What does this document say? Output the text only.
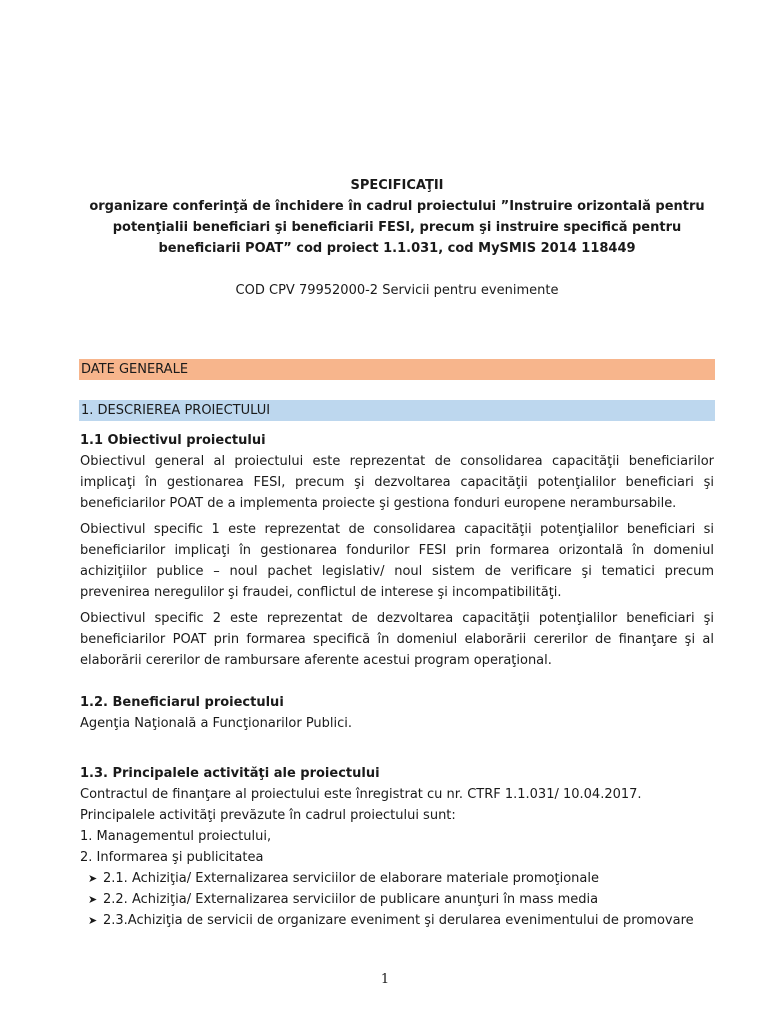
SPECIFICAŢII
organizare conferinţă de închidere în cadrul proiectului ”Instruire orizontală pentru
potenţialii beneficiari şi beneficiarii FESI, precum şi instruire specifică pentru
beneficiarii POAT” cod proiect 1.1.031, cod MySMIS 2014 118449
COD CPV 79952000-2 Servicii pentru evenimente
DATE GENERALE
1. DESCRIEREA PROIECTULUI

1.1 Obiectivul proiectului

Obiectivul general al proiectului este reprezentat de consolidarea capacităţii beneficiarilor implicaţi în gestionarea FESI, precum şi dezvoltarea capacităţii potenţialilor beneficiari şi beneficiarilor POAT de a implementa proiecte şi gestiona fonduri europene nerambursabile.

Obiectivul specific 1 este reprezentat de consolidarea capacităţii potenţialilor beneficiari si beneficiarilor implicaţi în gestionarea fondurilor FESI prin formarea orizontală în domeniul achiziţiilor publice – noul pachet legislativ/ noul sistem de verificare şi tematici precum prevenirea neregulilor şi fraudei, conflictul de interese şi incompatibilităţi.

Obiectivul specific 2 este reprezentat de dezvoltarea capacităţii potenţialilor beneficiari şi beneficiarilor POAT prin formarea specifică în domeniul elaborării cererilor de finanţare şi al elaborării cererilor de rambursare aferente acestui program operaţional.

1.2. Beneficiarul proiectului

Agenţia Naţională a Funcţionarilor Publici.

1.3. Principalele activităţi ale proiectului

Contractul de finanţare al proiectului este înregistrat cu nr. CTRF 1.1.031/ 10.04.2017.

Principalele activităţi prevăzute în cadrul proiectului sunt:

1. Managementul proiectului,

2. Informarea şi publicitatea

➤ 2.1. Achiziţia/ Externalizarea serviciilor de elaborare materiale promoţionale
➤ 2.2. Achiziţia/ Externalizarea serviciilor de publicare anunţuri în mass media
➤ 2.3.Achiziţia de servicii de organizare eveniment şi derularea evenimentului de promovare
1
